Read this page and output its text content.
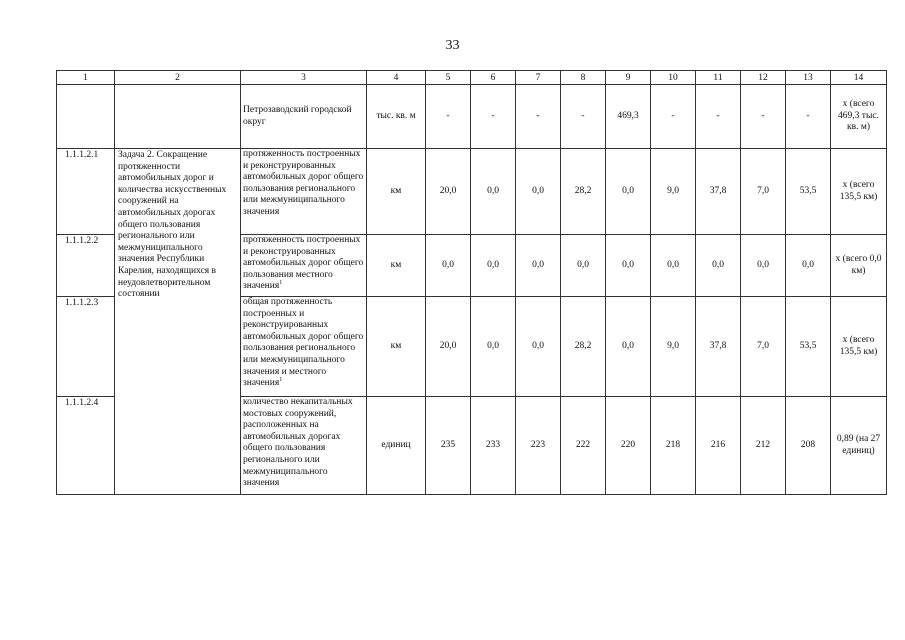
33
1	2	3	4	5	6	7	8	9	10	11	12	13	14
		Петрозаводский городской округ	тыс. кв. м	-	-	-	-	469,3	-	-	-	-	х (всего 469,3 тыс. кв. м)
1.1.1.2.1	Задача 2. Сокращение протяженности автомобильных дорог и количества искусственных сооружений на автомобильных дорогах общего пользования регионального или межмуниципального значения Республики Карелия, находящихся в неудовлетворительном состоянии	протяженность построенных и реконструированных автомобильных дорог общего пользования регионального или межмуниципального значения	км	20,0	0,0	0,0	28,2	0,0	9,0	37,8	7,0	53,5	х (всего 135,5 км)
1.1.1.2.2		протяженность построенных и реконструированных автомобильных дорог общего пользования местного значения$^1$	км	0,0	0,0	0,0	0,0	0,0	0,0	0,0	0,0	0,0	х (всего 0,0 км)
1.1.1.2.3		общая протяженность построенных и реконструированных автомобильных дорог общего пользования регионального или межмуниципального значения и местного значения$^1$	км	20,0	0,0	0,0	28,2	0,0	9,0	37,8	7,0	53,5	х (всего 135,5 км)
1.1.1.2.4		количество некапитальных мостовых сооружений, расположенных на автомобильных дорогах общего пользования регионального или межмуниципального значения	единиц	235	233	223	222	220	218	216	212	208	0,89 (на 27 единиц)
